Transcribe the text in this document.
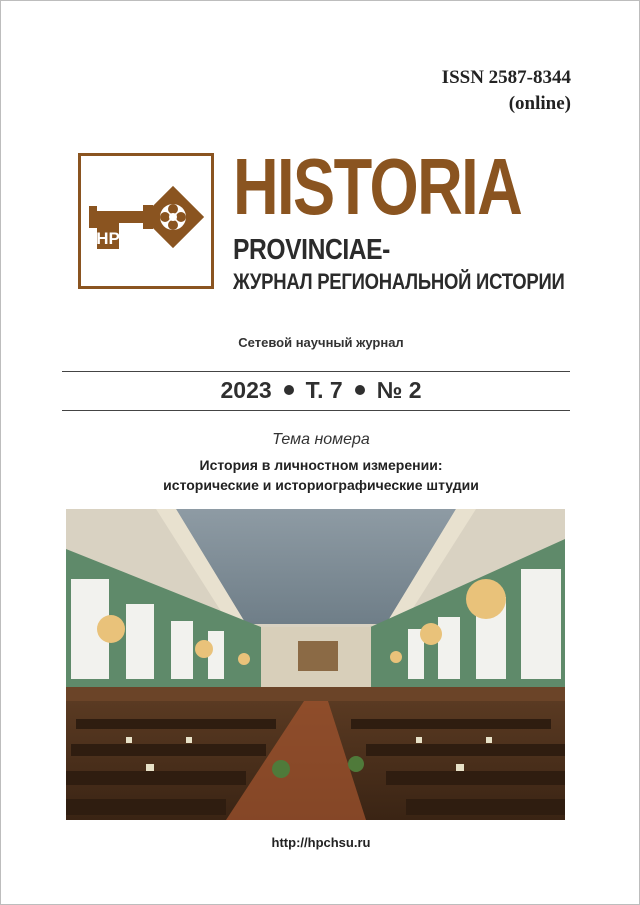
ISSN 2587-8344
(online)
НР
HISTORIA
PROVINCIAE-
ЖУРНАЛ РЕГИОНАЛЬНОЙ ИСТОРИИ
Сетевой научный журнал
2023 Т. 7 № 2
Тема номера
История в личностном измерении:
исторические и историографические штудии
http://hpchsu.ru
